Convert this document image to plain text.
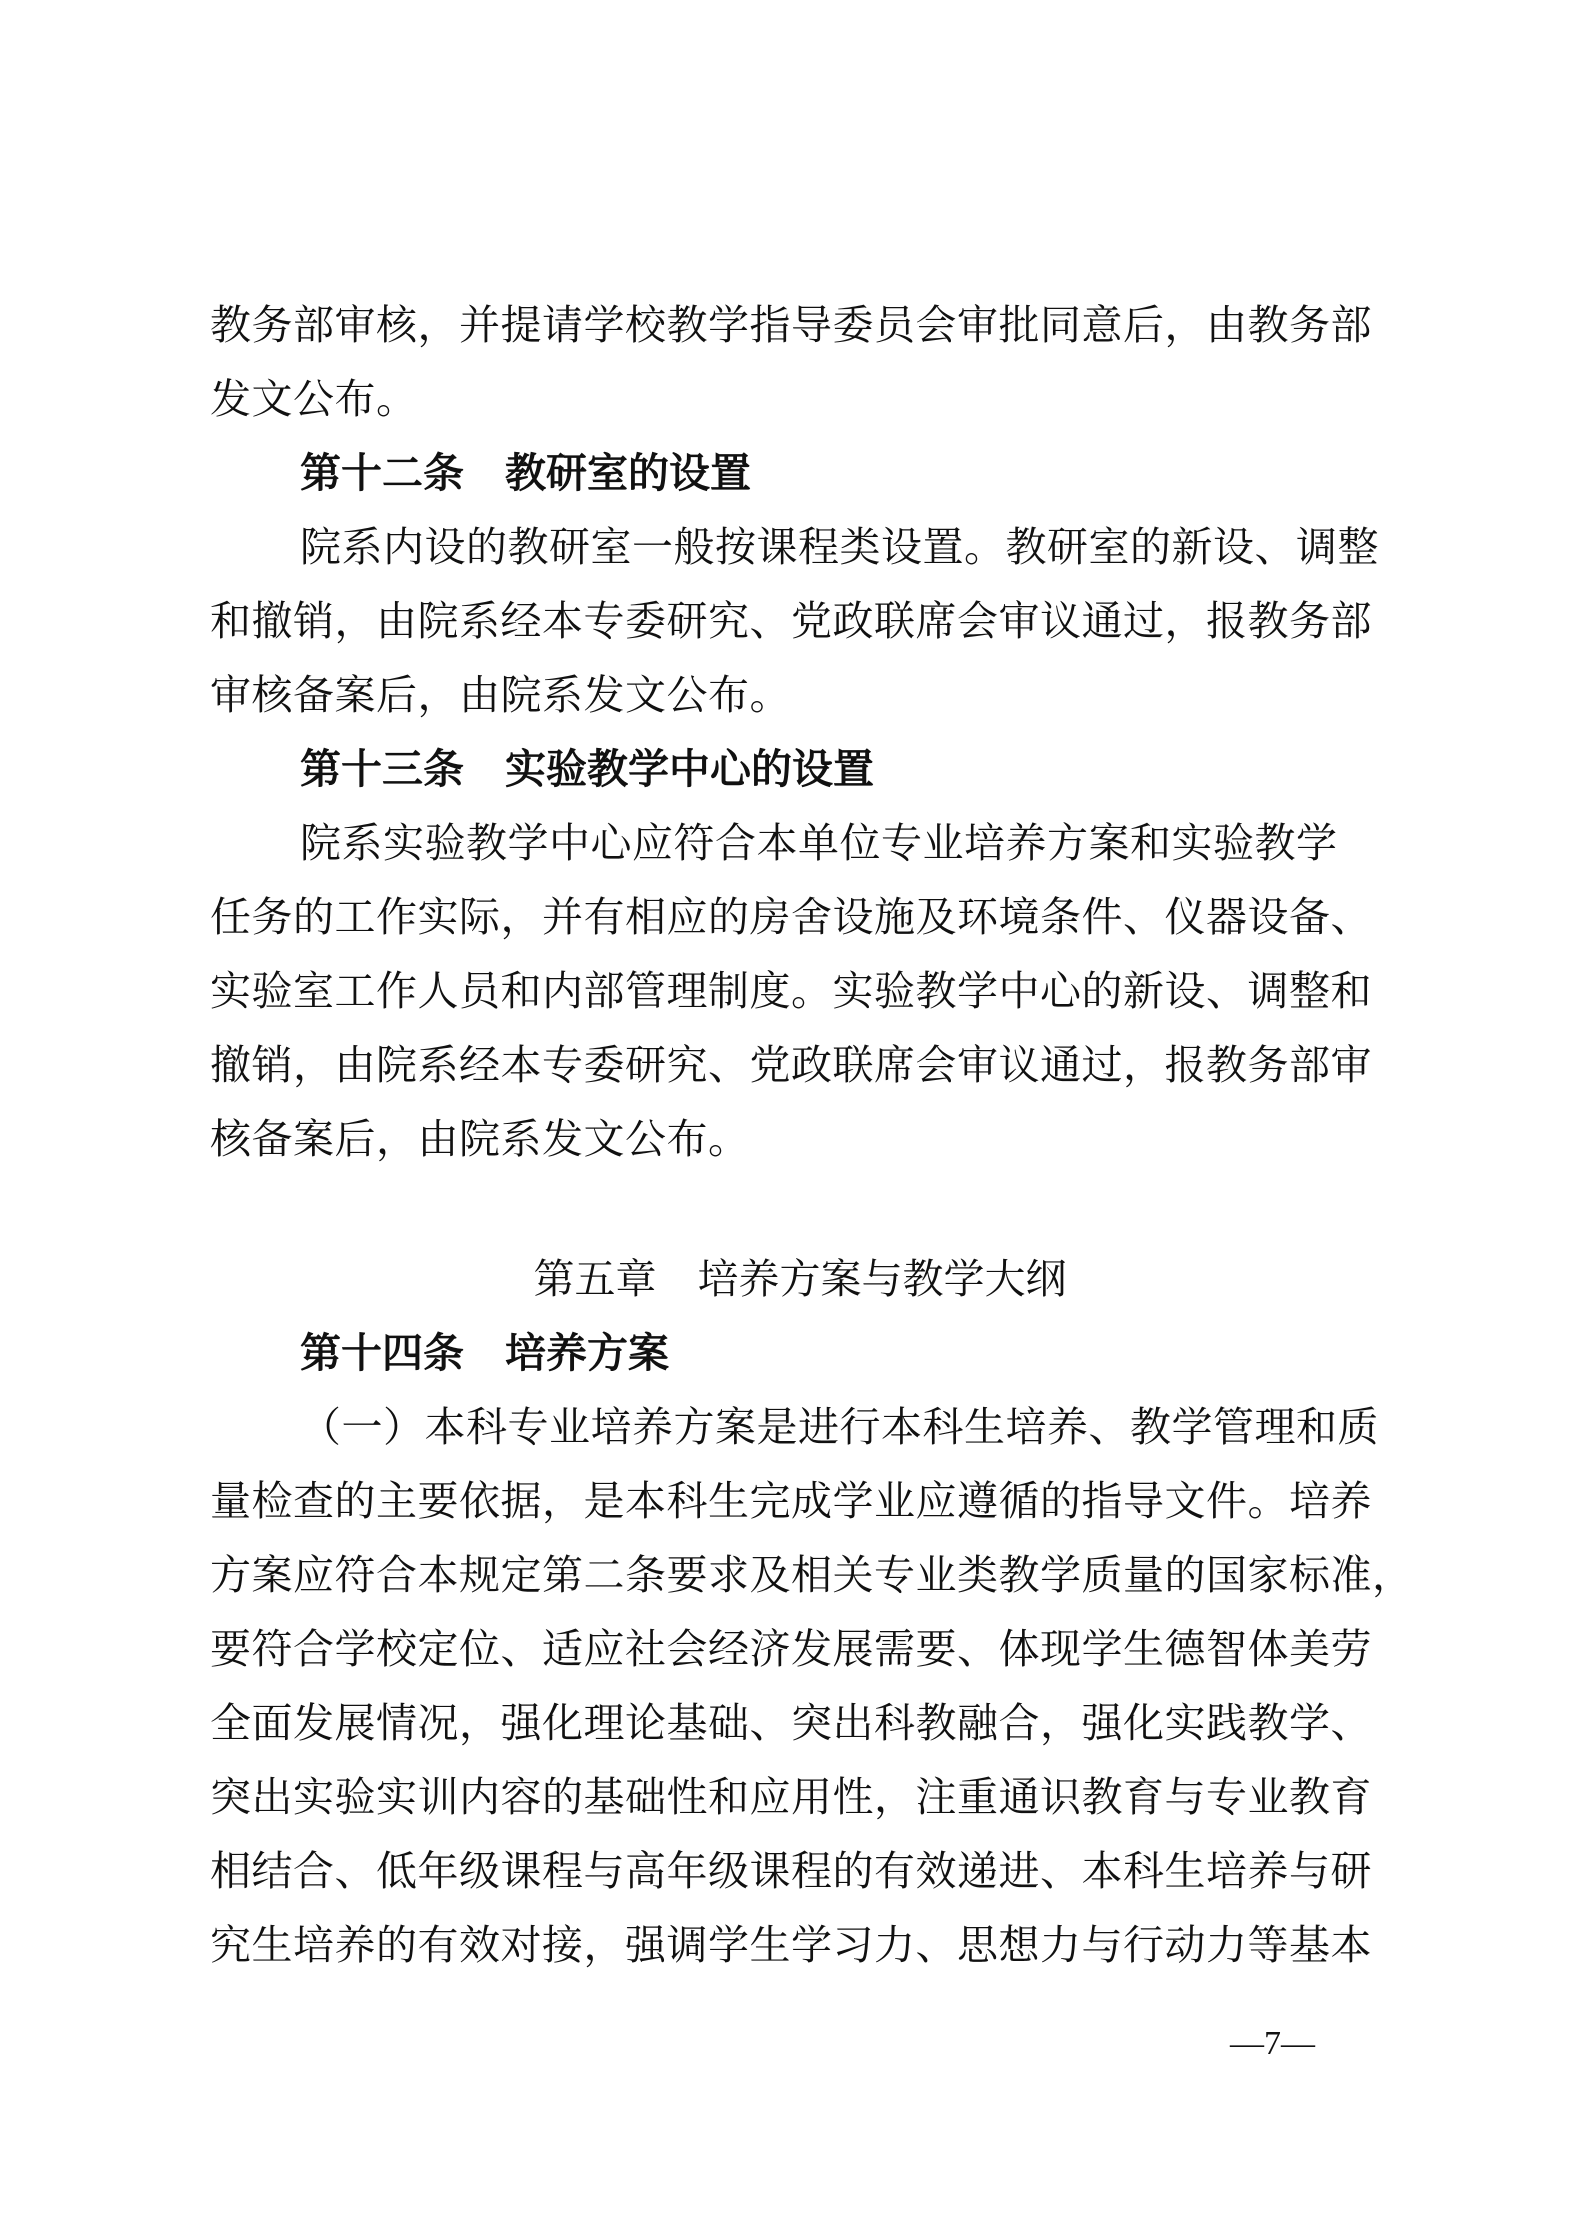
教务部审核，并提请学校教学指导委员会审批同意后，由教务部
发文公布。
第十二条　教研室的设置
院系内设的教研室一般按课程类设置。教研室的新设、调整
和撤销，由院系经本专委研究、党政联席会审议通过，报教务部
审核备案后，由院系发文公布。
第十三条　实验教学中心的设置
院系实验教学中心应符合本单位专业培养方案和实验教学
任务的工作实际，并有相应的房舍设施及环境条件、仪器设备、
实验室工作人员和内部管理制度。实验教学中心的新设、调整和
撤销，由院系经本专委研究、党政联席会审议通过，报教务部审
核备案后，由院系发文公布。
第五章　培养方案与教学大纲
第十四条　培养方案
（一）本科专业培养方案是进行本科生培养、教学管理和质
量检查的主要依据，是本科生完成学业应遵循的指导文件。培养
方案应符合本规定第二条要求及相关专业类教学质量的国家标准，
要符合学校定位、适应社会经济发展需要、体现学生德智体美劳
全面发展情况，强化理论基础、突出科教融合，强化实践教学、
突出实验实训内容的基础性和应用性，注重通识教育与专业教育
相结合、低年级课程与高年级课程的有效递进、本科生培养与研
究生培养的有效对接，强调学生学习力、思想力与行动力等基本
—7—
